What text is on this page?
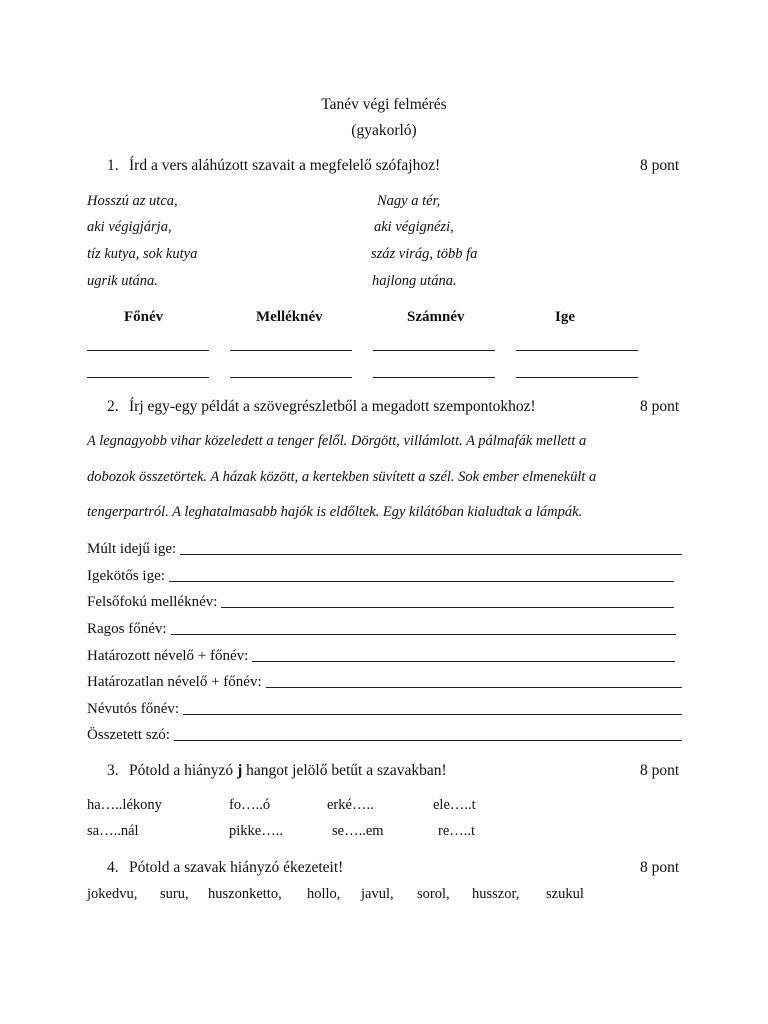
Tanév végi felmérés
(gyakorló)
1. Írd a vers aláhúzott szavait a megfelelő szófajhoz!	8 pont
Hosszú az utca,
aki végigjárja,
tíz kutya, sok kutya
ugrik utána.
Nagy a tér,
aki végignézi,
száz virág, több fa
hajlong utána.
Főnév	Melléknév	Számnév	Ige
2. Írj egy-egy példát a szövegrészletből a megadott szempontokhoz!	8 pont
A legnagyobb vihar közeledett a tenger felől. Dörgött, villámlott. A pálmafák mellett a
dobozok összetörtek. A házak között, a kertekben süvített a szél. Sok ember elmenekült a
tengerpartról. A leghatalmasabb hajók is eldőltek. Egy kilátóban kialudtak a lámpák.
Múlt idejű ige:
Igekötős ige:
Felsőfokú melléknév:
Ragos főnév:
Határozott névelő + főnév:
Határozatlan névelő + főnév:
Névutós főnév:
Összetett szó:
3. Pótold a hiányzó j hangot jelölő betűt a szavakban!	8 pont
ha…..lékony	fo…..ó	erké…..	ele…..t
sa…..nál	pikke…..	se…..em	re…..t
4. Pótold a szavak hiányzó ékezeteit!	8 pont
jokedvu, suru, huszonketto, hollo, javul, sorol, husszor, szukul
